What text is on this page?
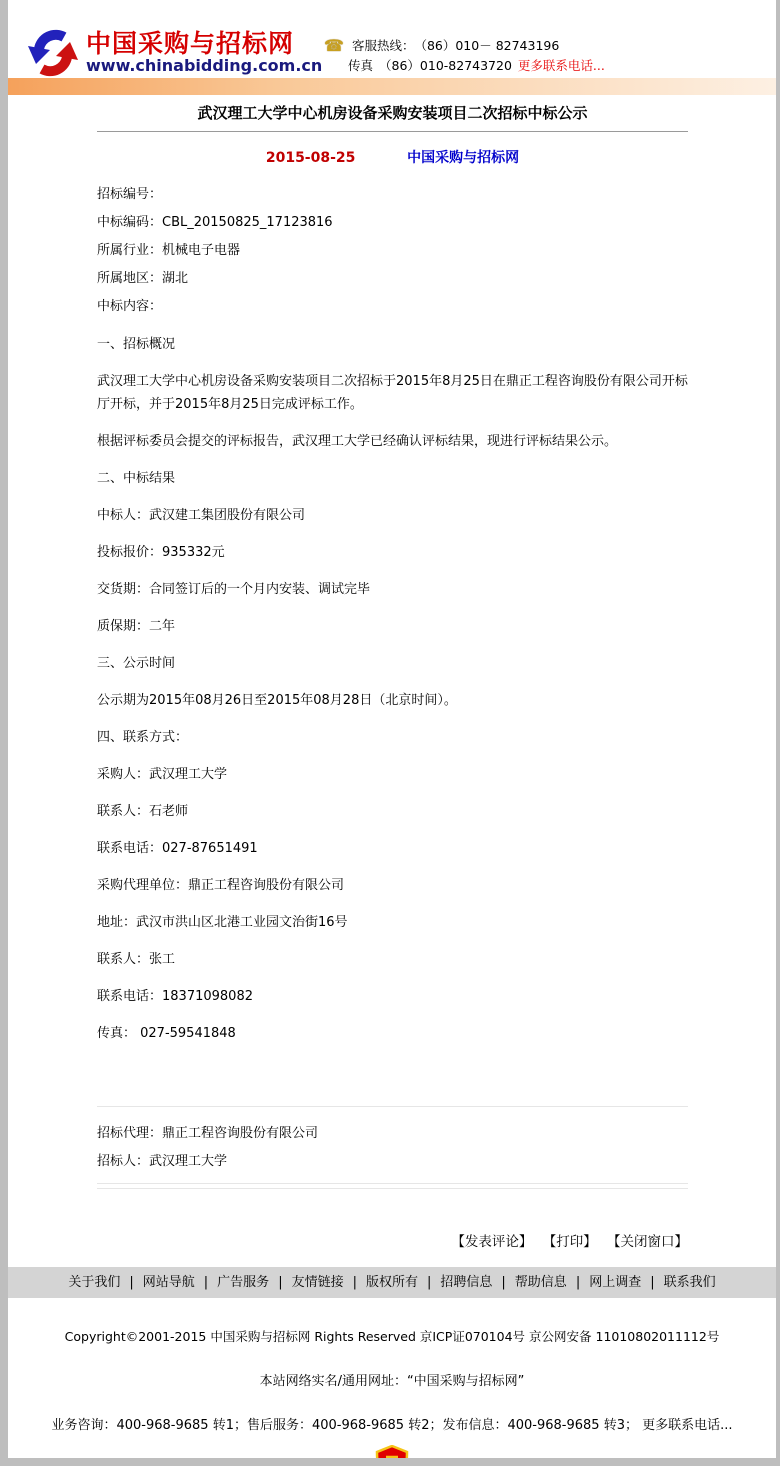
中国采购与招标网
www.chinabidding.com.cn
☎ 客服热线： （86）010－ 82743196
传真 （86）010-82743720 更多联系电话...
武汉理工大学中心机房设备采购安装项目二次招标中标公示
2015-08-25	中国采购与招标网

招标编号：

中标编码：CBL_20150825_17123816

所属行业：机械电子电器

所属地区：湖北

中标内容：

一、招标概况

武汉理工大学中心机房设备采购安装项目二次招标于2015年8月25日在鼎正工程咨询股份有限公司开标厅开标，并于2015年8月25日完成评标工作。

根据评标委员会提交的评标报告，武汉理工大学已经确认评标结果，现进行评标结果公示。

二、中标结果

中标人：武汉建工集团股份有限公司

投标报价：935332元

交货期：合同签订后的一个月内安装、调试完毕

质保期：二年

三、公示时间

公示期为2015年08月26日至2015年08月28日（北京时间）。

四、联系方式：

采购人：武汉理工大学

联系人：石老师

联系电话：027-87651491

采购代理单位：鼎正工程咨询股份有限公司

地址：武汉市洪山区北港工业园文治街16号

联系人：张工

联系电话：18371098082

传真： 027-59541848

招标代理：鼎正工程咨询股份有限公司

招标人：武汉理工大学

【发表评论】 【打印】 【关闭窗口】
关于我们 | 网站导航 | 广告服务 | 友情链接 | 版权所有 | 招聘信息 | 帮助信息 | 网上调查 | 联系我们
Copyright©2001-2015 中国采购与招标网 Rights Reserved 京ICP证070104号 京公网安备 11010802011112号
本站网络实名/通用网址：“中国采购与招标网”
业务咨询：400-968-9685 转1；售后服务：400-968-9685 转2；发布信息：400-968-9685 转3； 更多联系电话...
